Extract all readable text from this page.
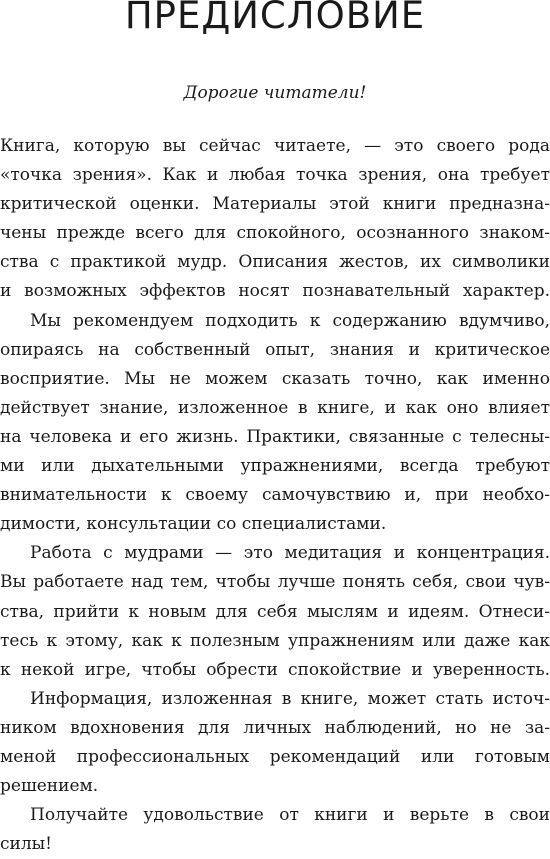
ПРЕДИСЛОВИЕ

Дорогие читатели!

Книга, которую вы сейчас читаете, — это своего рода
«точка зрения». Как и любая точка зрения, она требует
критической оценки. Материалы этой книги предназна-
чены прежде всего для спокойного, осознанного знаком-
ства с практикой мудр. Описания жестов, их символики
и возможных эффектов носят познавательный характер.
Мы рекомендуем подходить к содержанию вдумчиво,
опираясь на собственный опыт, знания и критическое
восприятие. Мы не можем сказать точно, как именно
действует знание, изложенное в книге, и как оно влияет
на человека и его жизнь. Практики, связанные с телесны-
ми или дыхательными упражнениями, всегда требуют
внимательности к своему самочувствию и, при необхо-
димости, консультации со специалистами.
Работа с мудрами — это медитация и концентрация.
Вы работаете над тем, чтобы лучше понять себя, свои чув-
ства, прийти к новым для себя мыслям и идеям. Отнеси-
тесь к этому, как к полезным упражнениям или даже как
к некой игре, чтобы обрести спокойствие и уверенность.
Информация, изложенная в книге, может стать источ-
ником вдохновения для личных наблюдений, но не за-
меной профессиональных рекомендаций или готовым
решением.
Получайте удовольствие от книги и верьте в свои
силы!
